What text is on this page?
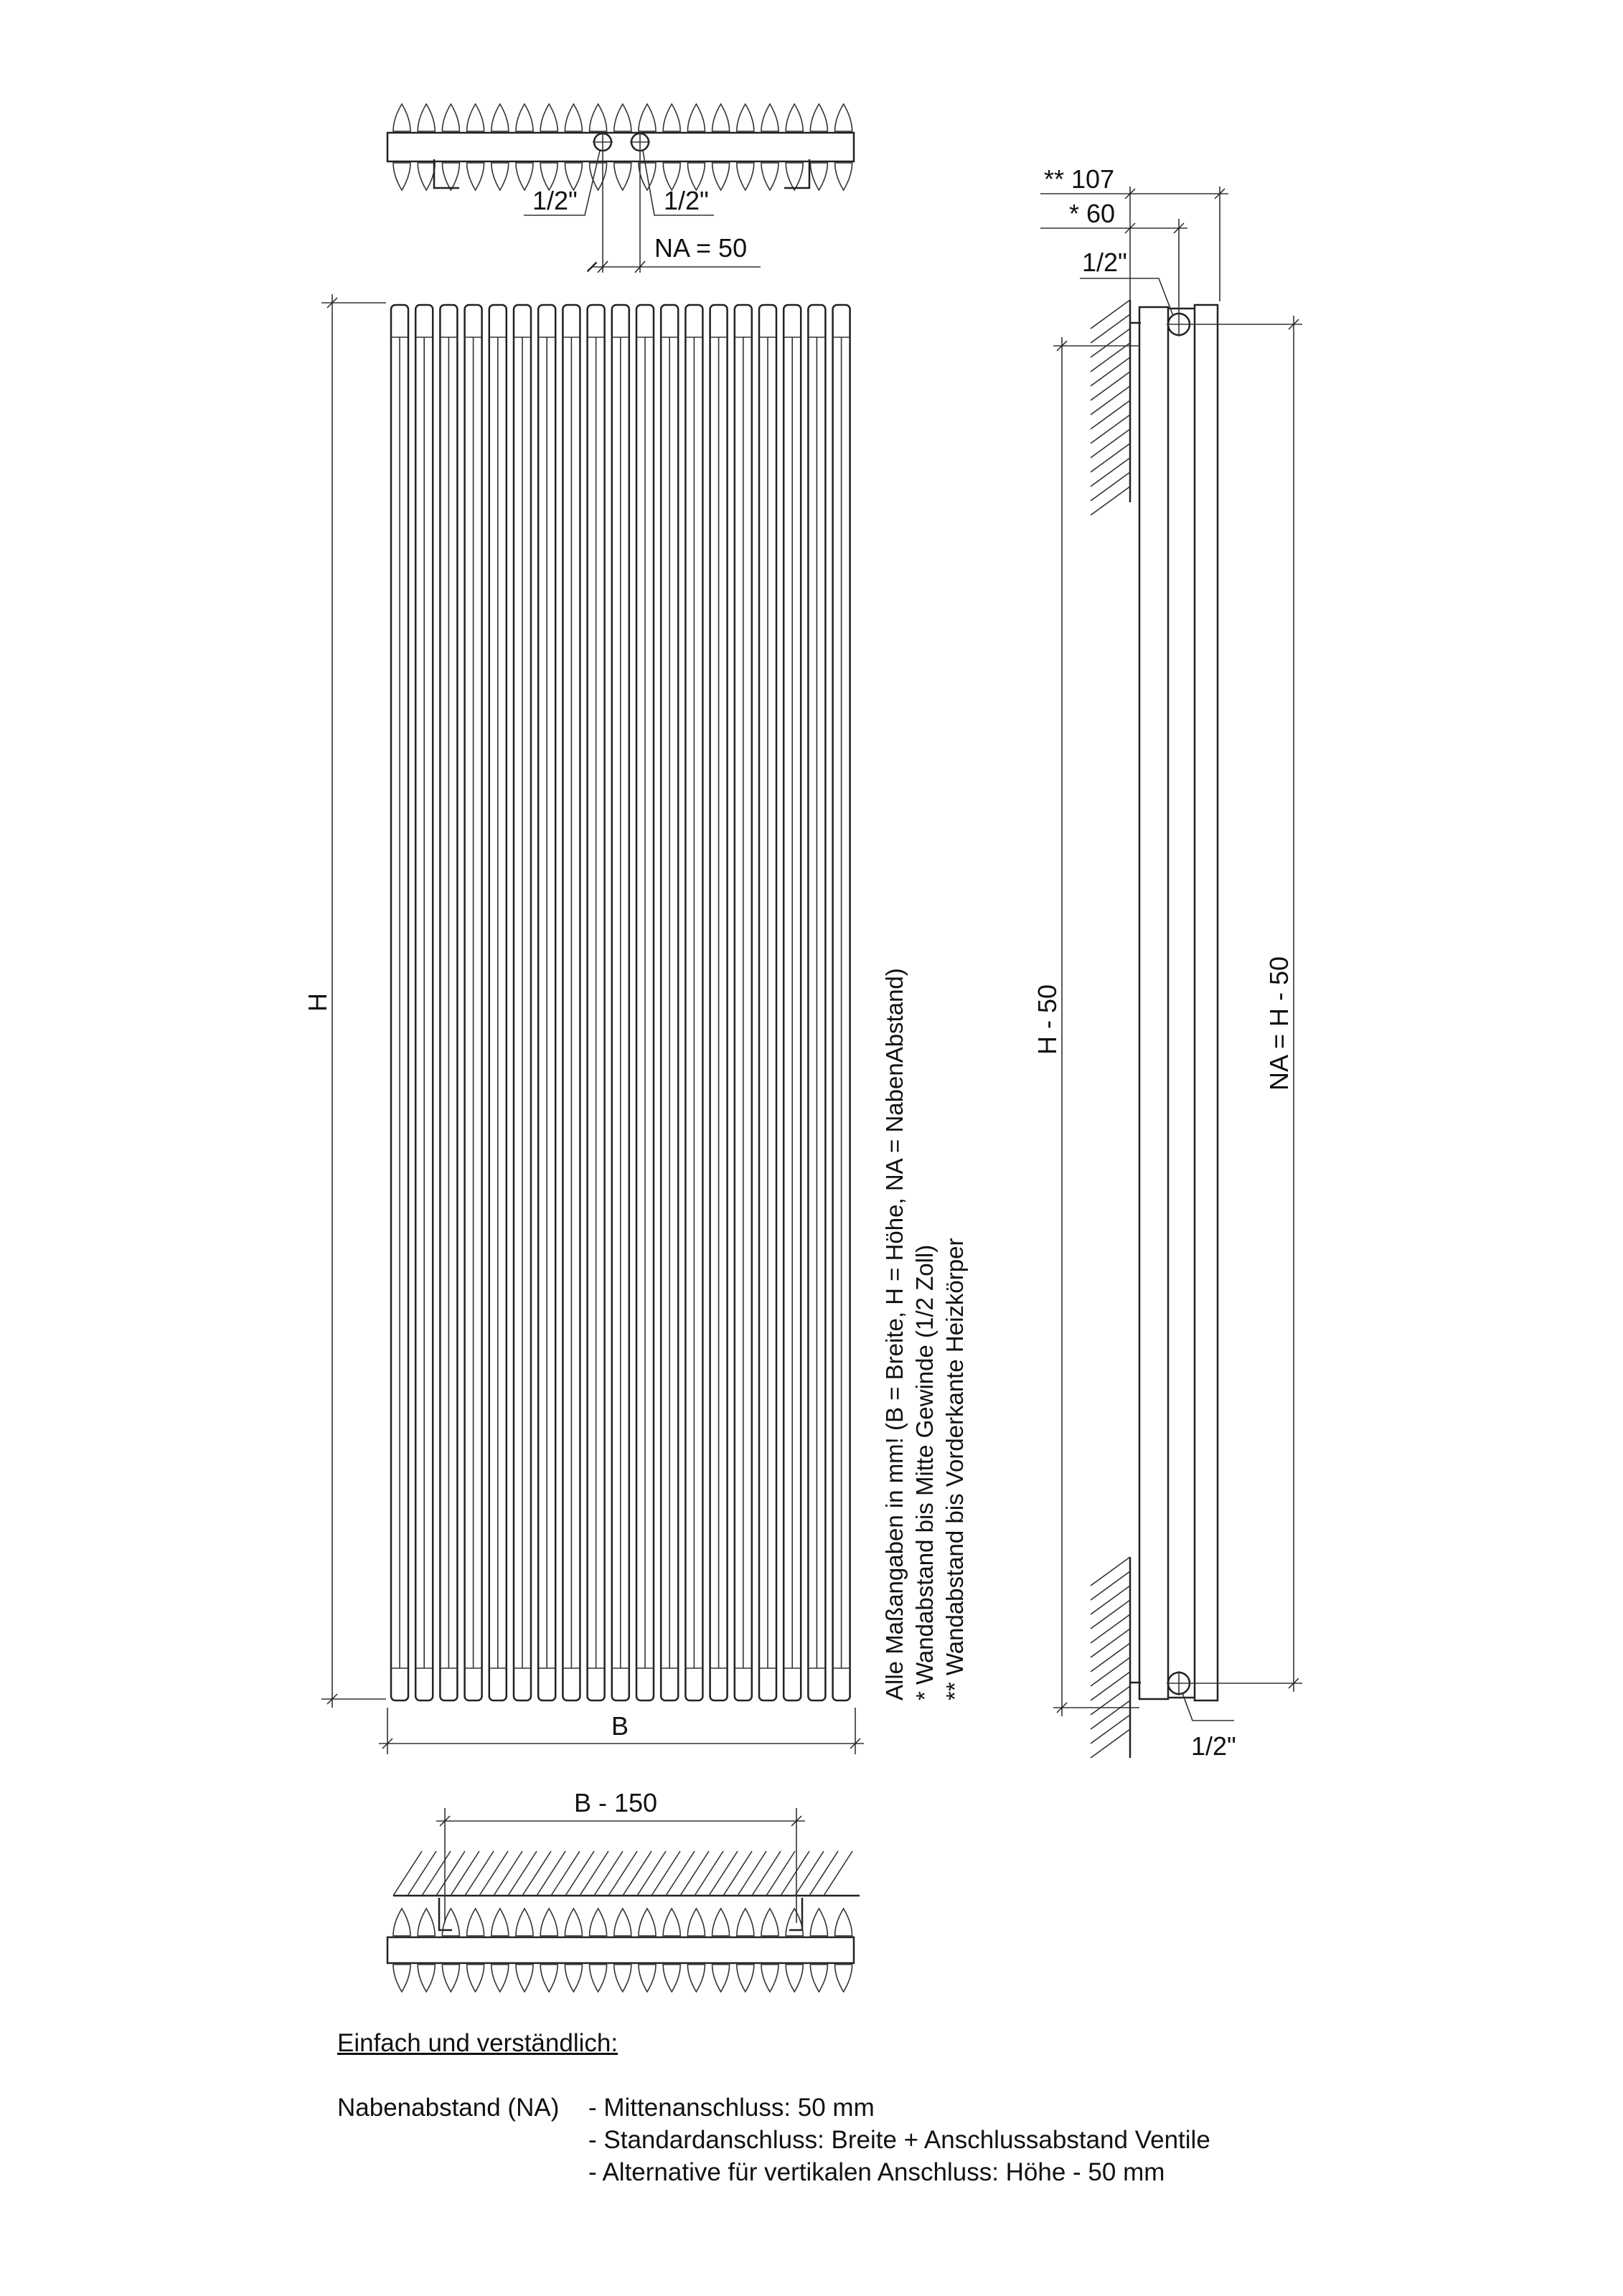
1/2"	1/2"
NA = 50
H
B
Alle Maßangaben in mm! (B = Breite, H = Höhe, NA = NabenAbstand) * Wandabstand bis Mitte Gewinde (1/2 Zoll) ** Wandabstand bis Vorderkante Heizkörper
B - 150
** 107
* 60
1/2"
1/2"
H - 50	NA = H - 50
Einfach und verständlich:
Nabenabstand (NA) - Mittenanschluss: 50 mm
- Standardanschluss: Breite + Anschlussabstand Ventile
- Alternative für vertikalen Anschluss: Höhe - 50 mm
